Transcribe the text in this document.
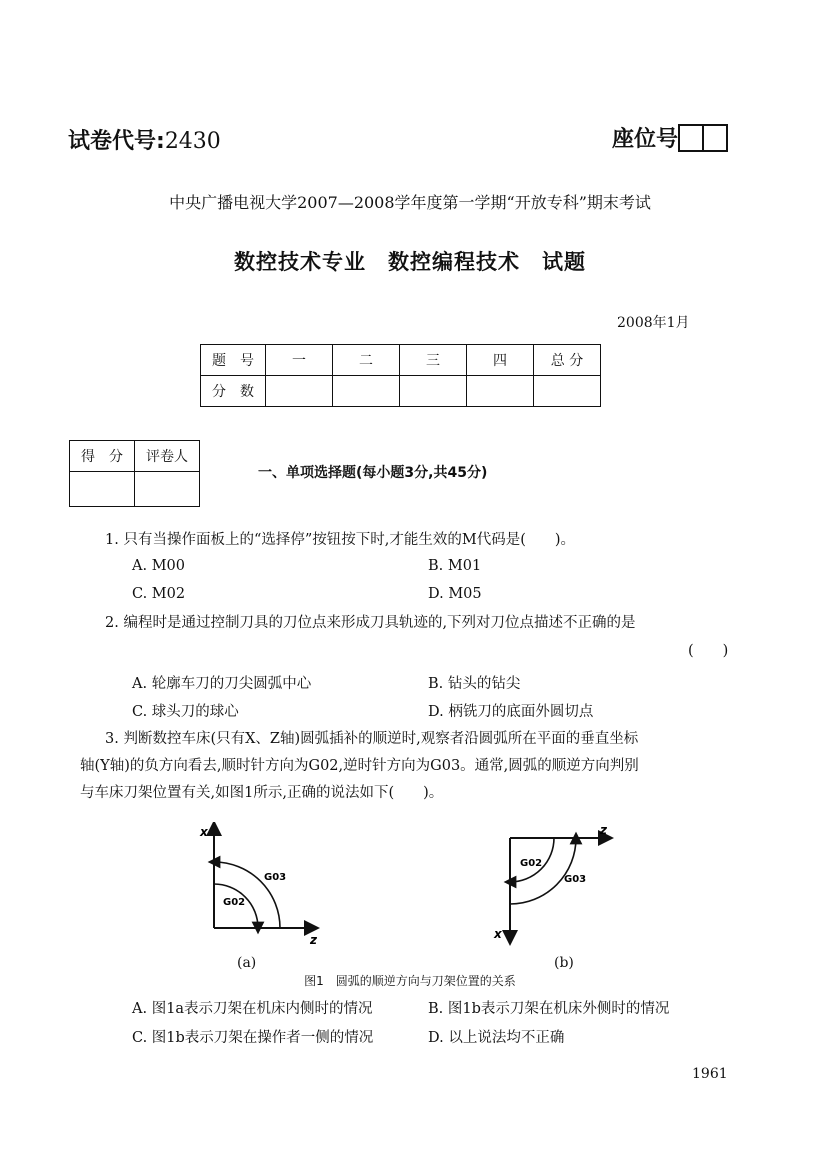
试卷代号:2430	座位号
中央广播电视大学2007—2008学年度第一学期“开放专科”期末考试
数控技术专业　数控编程技术　试题
2008年1月
题　号	一	二	三	四	总 分
分　数					
得　分	评卷人

一、单项选择题(每小题3分,共45分)
1. 只有当操作面板上的“选择停”按钮按下时,才能生效的M代码是(　　)。
A. M00	B. M01
C. M02	D. M05
2. 编程时是通过控制刀具的刀位点来形成刀具轨迹的,下列对刀位点描述不正确的是
(　　)
A. 轮廓车刀的刀尖圆弧中心	B. 钻头的钻尖
C. 球头刀的球心	D. 柄铣刀的底面外圆切点
3. 判断数控车床(只有X、Z轴)圆弧插补的顺逆时,观察者沿圆弧所在平面的垂直坐标
轴(Y轴)的负方向看去,顺时针方向为G02,逆时针方向为G03。通常,圆弧的顺逆方向判别
与车床刀架位置有关,如图1所示,正确的说法如下(　　)。
x
z
G03
G02
z
x
G02
G03
(a)	(b)
图1　圆弧的顺逆方向与刀架位置的关系
A. 图1a表示刀架在机床内侧时的情况	B. 图1b表示刀架在机床外侧时的情况
C. 图1b表示刀架在操作者一侧的情况	D. 以上说法均不正确
1961
